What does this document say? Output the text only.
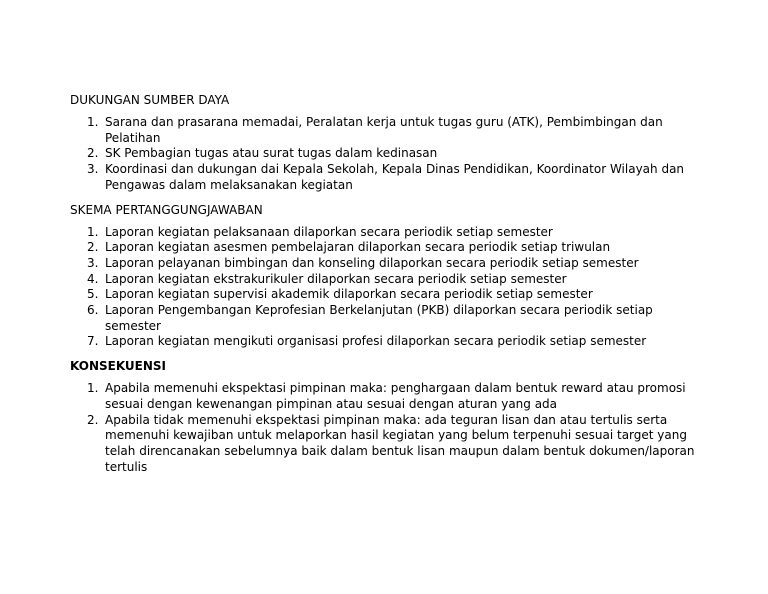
DUKUNGAN SUMBER DAYA
1. Sarana dan prasarana memadai, Peralatan kerja untuk tugas guru (ATK), Pembimbingan dan Pelatihan
2. SK Pembagian tugas atau surat tugas dalam kedinasan
3. Koordinasi dan dukungan dai Kepala Sekolah, Kepala Dinas Pendidikan, Koordinator Wilayah dan Pengawas dalam melaksanakan kegiatan
SKEMA PERTANGGUNGJAWABAN
1. Laporan kegiatan pelaksanaan dilaporkan secara periodik setiap semester
2. Laporan kegiatan asesmen pembelajaran dilaporkan secara periodik setiap triwulan
3. Laporan pelayanan bimbingan dan konseling dilaporkan secara periodik setiap semester
4. Laporan kegiatan ekstrakurikuler dilaporkan secara periodik setiap semester
5. Laporan kegiatan supervisi akademik dilaporkan secara periodik setiap semester
6. Laporan Pengembangan Keprofesian Berkelanjutan (PKB) dilaporkan secara periodik setiap semester
7. Laporan kegiatan mengikuti organisasi profesi dilaporkan secara periodik setiap semester
KONSEKUENSI
1. Apabila memenuhi ekspektasi pimpinan maka: penghargaan dalam bentuk reward atau promosi sesuai dengan kewenangan pimpinan atau sesuai dengan aturan yang ada
2. Apabila tidak memenuhi ekspektasi pimpinan maka: ada teguran lisan dan atau tertulis serta memenuhi kewajiban untuk melaporkan hasil kegiatan yang belum terpenuhi sesuai target yang telah direncanakan sebelumnya baik dalam bentuk lisan maupun dalam bentuk dokumen/laporan tertulis
